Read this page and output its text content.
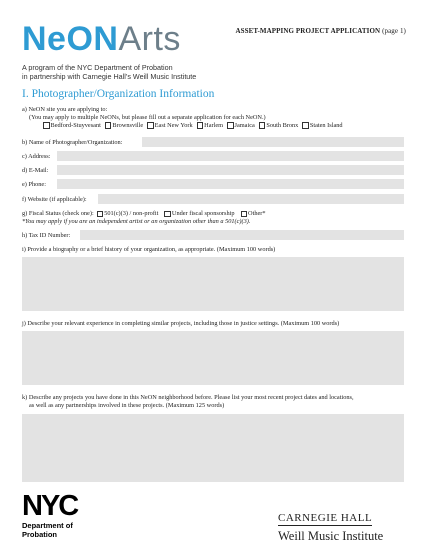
NeONArts	ASSET-MAPPING PROJECT APPLICATION (page 1)
A program of the NYC Department of Probation
in partnership with Carnegie Hall’s Weill Music Institute
I. Photographer/Organization Information
a) NeON site you are applying to:
(You may apply to multiple NeONs, but please fill out a separate application for each NeON.)
Bedford-Stuyvesant Brownsville East New York Harlem Jamaica South Bronx Staten Island
b) Name of Photographer/Organization:
c) Address:
d) E-Mail:
e) Phone:
f) Website (if applicable):
g) Fiscal Status (check one): 501(c)(3) / non-profit Under fiscal sponsorship Other*
*You may apply if you are an independent artist or an organization other than a 501(c)(3).
h) Tax ID Number:
i) Provide a biography or a brief history of your organization, as appropriate. (Maximum 100 words)
j) Describe your relevant experience in completing similar projects, including those in justice settings. (Maximum 100 words)
k) Describe any projects you have done in this NeON neighborhood before. Please list your most recent project dates and locations,
as well as any partnerships involved in these projects. (Maximum 125 words)
NYC
Department of
Probation
CARNEGIE HALL
Weill Music Institute
